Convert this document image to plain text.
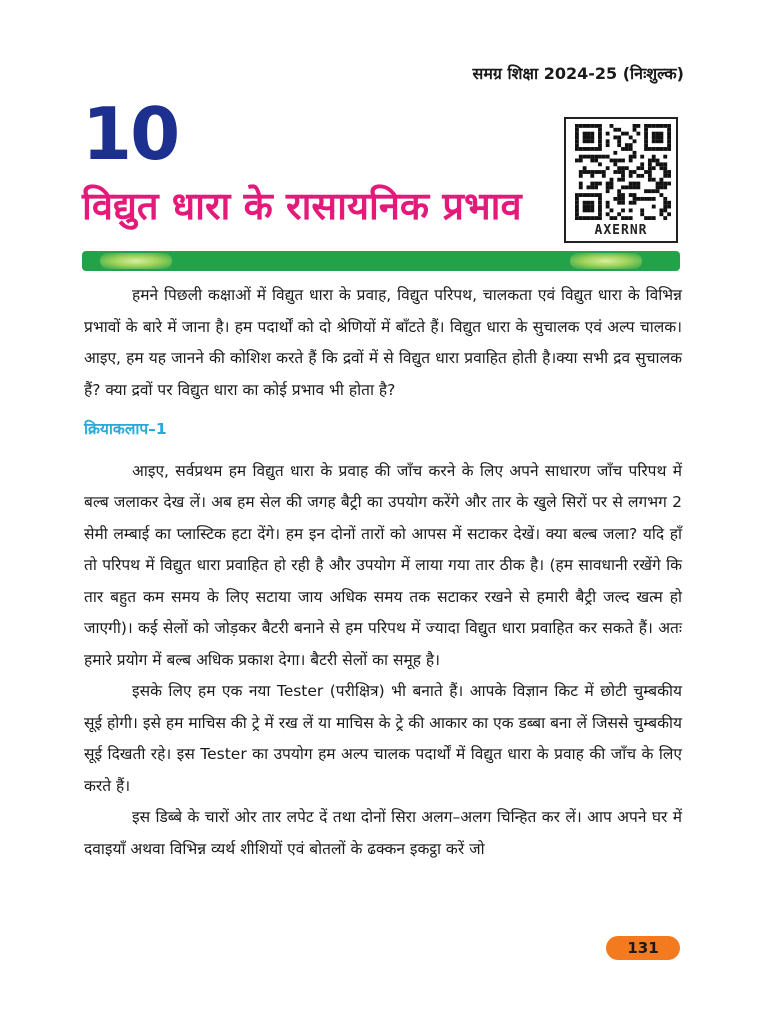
समग्र शिक्षा 2024-25 (निःशुल्क)
10
विद्युत धारा के रासायनिक प्रभाव
AXERNR

हमने पिछली कक्षाओं में विद्युत धारा के प्रवाह, विद्युत परिपथ, चालकता एवं विद्युत धारा के विभिन्न प्रभावों के बारे में जाना है। हम पदार्थों को दो श्रेणियों में बाँटते हैं। विद्युत धारा के सुचालक एवं अल्प चालक। आइए, हम यह जानने की कोशिश करते हैं कि द्रवों में से विद्युत धारा प्रवाहित होती है।क्या सभी द्रव सुचालक हैं? क्या द्रवों पर विद्युत धारा का कोई प्रभाव भी होता है?

क्रियाकलाप–1

आइए, सर्वप्रथम हम विद्युत धारा के प्रवाह की जाँच करने के लिए अपने साधारण जाँच परिपथ में बल्ब जलाकर देख लें। अब हम सेल की जगह बैट्री का उपयोग करेंगे और तार के खुले सिरों पर से लगभग 2 सेमी लम्बाई का प्लास्टिक हटा देंगे। हम इन दोनों तारों को आपस में सटाकर देखें। क्या बल्ब जला? यदि हाँ तो परिपथ में विद्युत धारा प्रवाहित हो रही है और उपयोग में लाया गया तार ठीक है। (हम सावधानी रखेंगे कि तार बहुत कम समय के लिए सटाया जाय अधिक समय तक सटाकर रखने से हमारी बैट्री जल्द खत्म हो जाएगी)। कई सेलों को जोड़कर बैटरी बनाने से हम परिपथ में ज्यादा विद्युत धारा प्रवाहित कर सकते हैं। अतः हमारे प्रयोग में बल्ब अधिक प्रकाश देगा। बैटरी सेलों का समूह है।

इसके लिए हम एक नया Tester (परीक्षित्र) भी बनाते हैं। आपके विज्ञान किट में छोटी चुम्बकीय सूई होगी। इसे हम माचिस की ट्रे में रख लें या माचिस के ट्रे की आकार का एक डब्बा बना लें जिससे चुम्बकीय सूई दिखती रहे। इस Tester का उपयोग हम अल्प चालक पदार्थों में विद्युत धारा के प्रवाह की जाँच के लिए करते हैं।

इस डिब्बे के चारों ओर तार लपेट दें तथा दोनों सिरा अलग–अलग चिन्हित कर लें। आप अपने घर में दवाइयाँ अथवा विभिन्न व्यर्थ शीशियों एवं बोतलों के ढक्कन इकट्ठा करें जो

131
